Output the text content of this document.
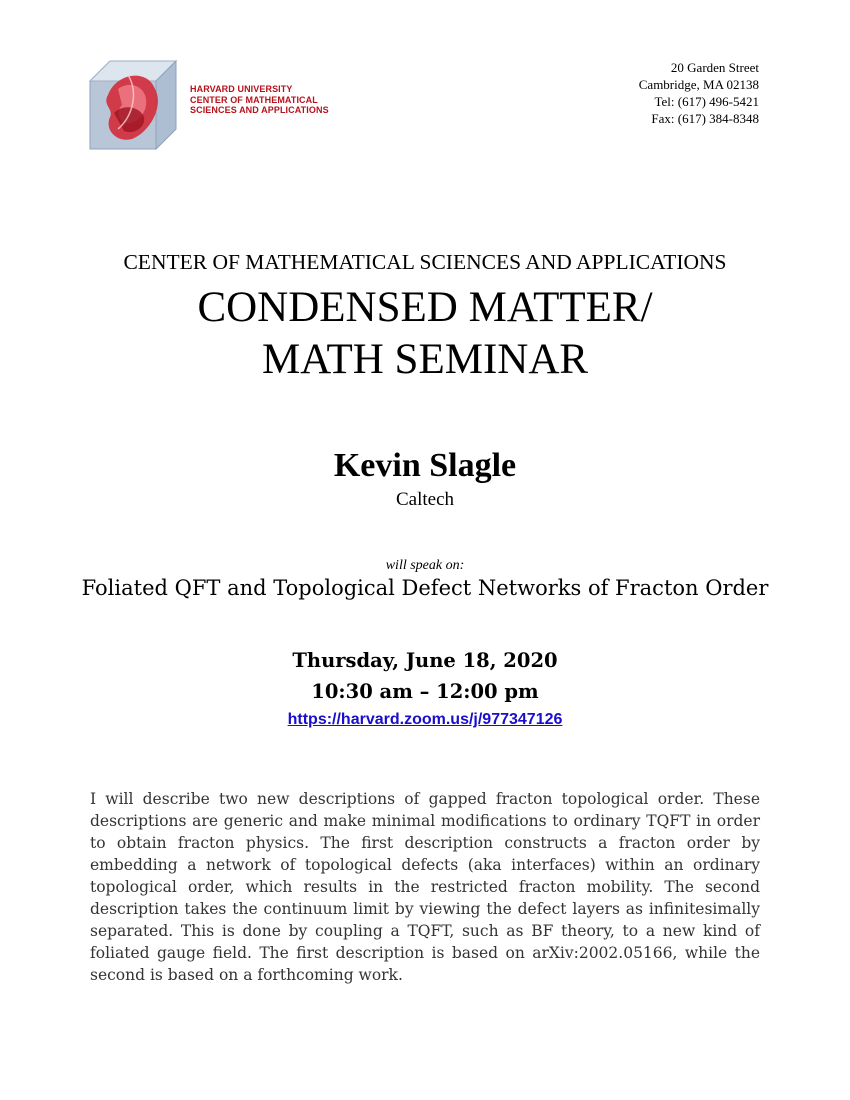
HARVARD UNIVERSITY
CENTER OF MATHEMATICAL
SCIENCES AND APPLICATIONS
20 Garden Street
Cambridge, MA 02138
Tel: (617) 496-5421
Fax: (617) 384-8348
CENTER OF MATHEMATICAL SCIENCES AND APPLICATIONS
CONDENSED MATTER/
MATH SEMINAR
Kevin Slagle
Caltech
will speak on:
Foliated QFT and Topological Defect Networks of Fracton Order
Thursday, June 18, 2020
10:30 am – 12:00 pm
https://harvard.zoom.us/j/977347126
I will describe two new descriptions of gapped fracton topological order. These descriptions are generic and make minimal modifications to ordinary TQFT in order to obtain fracton physics. The first description constructs a fracton order by embedding a network of topological defects (aka interfaces) within an ordinary topological order, which results in the restricted fracton mobility. The second description takes the continuum limit by viewing the defect layers as infinitesimally separated. This is done by coupling a TQFT, such as BF theory, to a new kind of foliated gauge field. The first description is based on arXiv:2002.05166, while the second is based on a forthcoming work.
